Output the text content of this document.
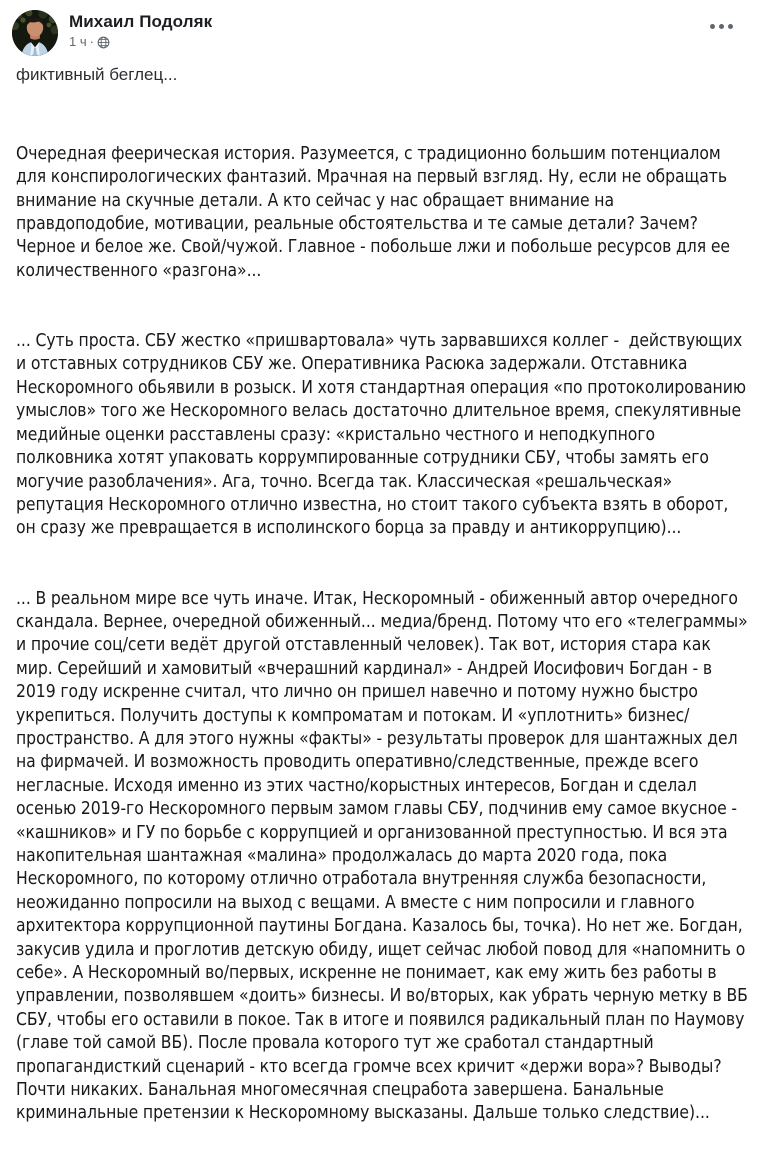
Михаил Подоляк
1 ч ·
фиктивный беглец...

Очередная феерическая история. Разумеется, с традиционно большим потенциалом для конспирологических фантазий. Мрачная на первый взгляд. Ну, если не обращать внимание на скучные детали. А кто сейчас у нас обращает внимание на правдоподобие, мотивации, реальные обстоятельства и те самые детали? Зачем? Черное и белое же. Свой/чужой. Главное - побольше лжи и побольше ресурсов для ее количественного «разгона»...

... Суть проста. СБУ жестко «пришвартовала» чуть зарвавшихся коллег -  действующих и отставных сотрудников СБУ же. Оперативника Расюка задержали. Отставника Нескоромного обьявили в розыск. И хотя стандартная операция «по протоколированию умыслов» того же Нескоромного велась достаточно длительное время, спекулятивные медийные оценки расставлены сразу: «кристально честного и неподкупного полковника хотят упаковать коррумпированные сотрудники СБУ, чтобы замять его могучие разоблачения». Ага, точно. Всегда так. Классическая «решальческая» репутация Нескоромного отлично известна, но стоит такого субъекта взять в оборот, он сразу же превращается в исполинского борца за правду и антикоррупцию)...

... В реальном мире все чуть иначе. Итак, Нескоромный - обиженный автор очередного скандала. Вернее, очередной обиженный... медиа/бренд. Потому что его «телеграммы» и прочие соц/сети ведёт другой отставленный человек). Так вот, история стара как мир. Серейший и хамовитый «вчерашний кардинал» - Андрей Иосифович Богдан - в 2019 году искренне считал, что лично он пришел навечно и потому нужно быстро укрепиться. Получить доступы к компроматам и потокам. И «уплотнить» бизнес/пространство. А для этого нужны «факты» - результаты проверок для шантажных дел на фирмачей. И возможность проводить оперативно/следственные, прежде всего негласные. Исходя именно из этих частно/корыстных интересов, Богдан и сделал осенью 2019-го Нескоромного первым замом главы СБУ, подчинив ему самое вкусное - «кашников» и ГУ по борьбе с коррупцией и организованной преступностью. И вся эта накопительная шантажная «малина» продолжалась до марта 2020 года, пока Нескоромного, по которому отлично отработала внутренняя служба безопасности, неожиданно попросили на выход с вещами. А вместе с ним попросили и главного архитектора коррупционной паутины Богдана. Казалось бы, точка). Но нет же. Богдан, закусив удила и проглотив детскую обиду, ищет сейчас любой повод для «напомнить о себе». А Нескоромный во/первых, искренне не понимает, как ему жить без работы в управлении, позволявшем «доить» бизнесы. И во/вторых, как убрать черную метку в ВБ СБУ, чтобы его оставили в покое. Так в итоге и появился радикальный план по Наумову (главе той самой ВБ). После провала которого тут же сработал стандартный пропагандисткий сценарий - кто всегда громче всех кричит «держи вора»? Выводы? Почти никаких. Банальная многомесячная спецработа завершена. Банальные криминальные претензии к Нескоромному высказаны. Дальше только следствие)...
